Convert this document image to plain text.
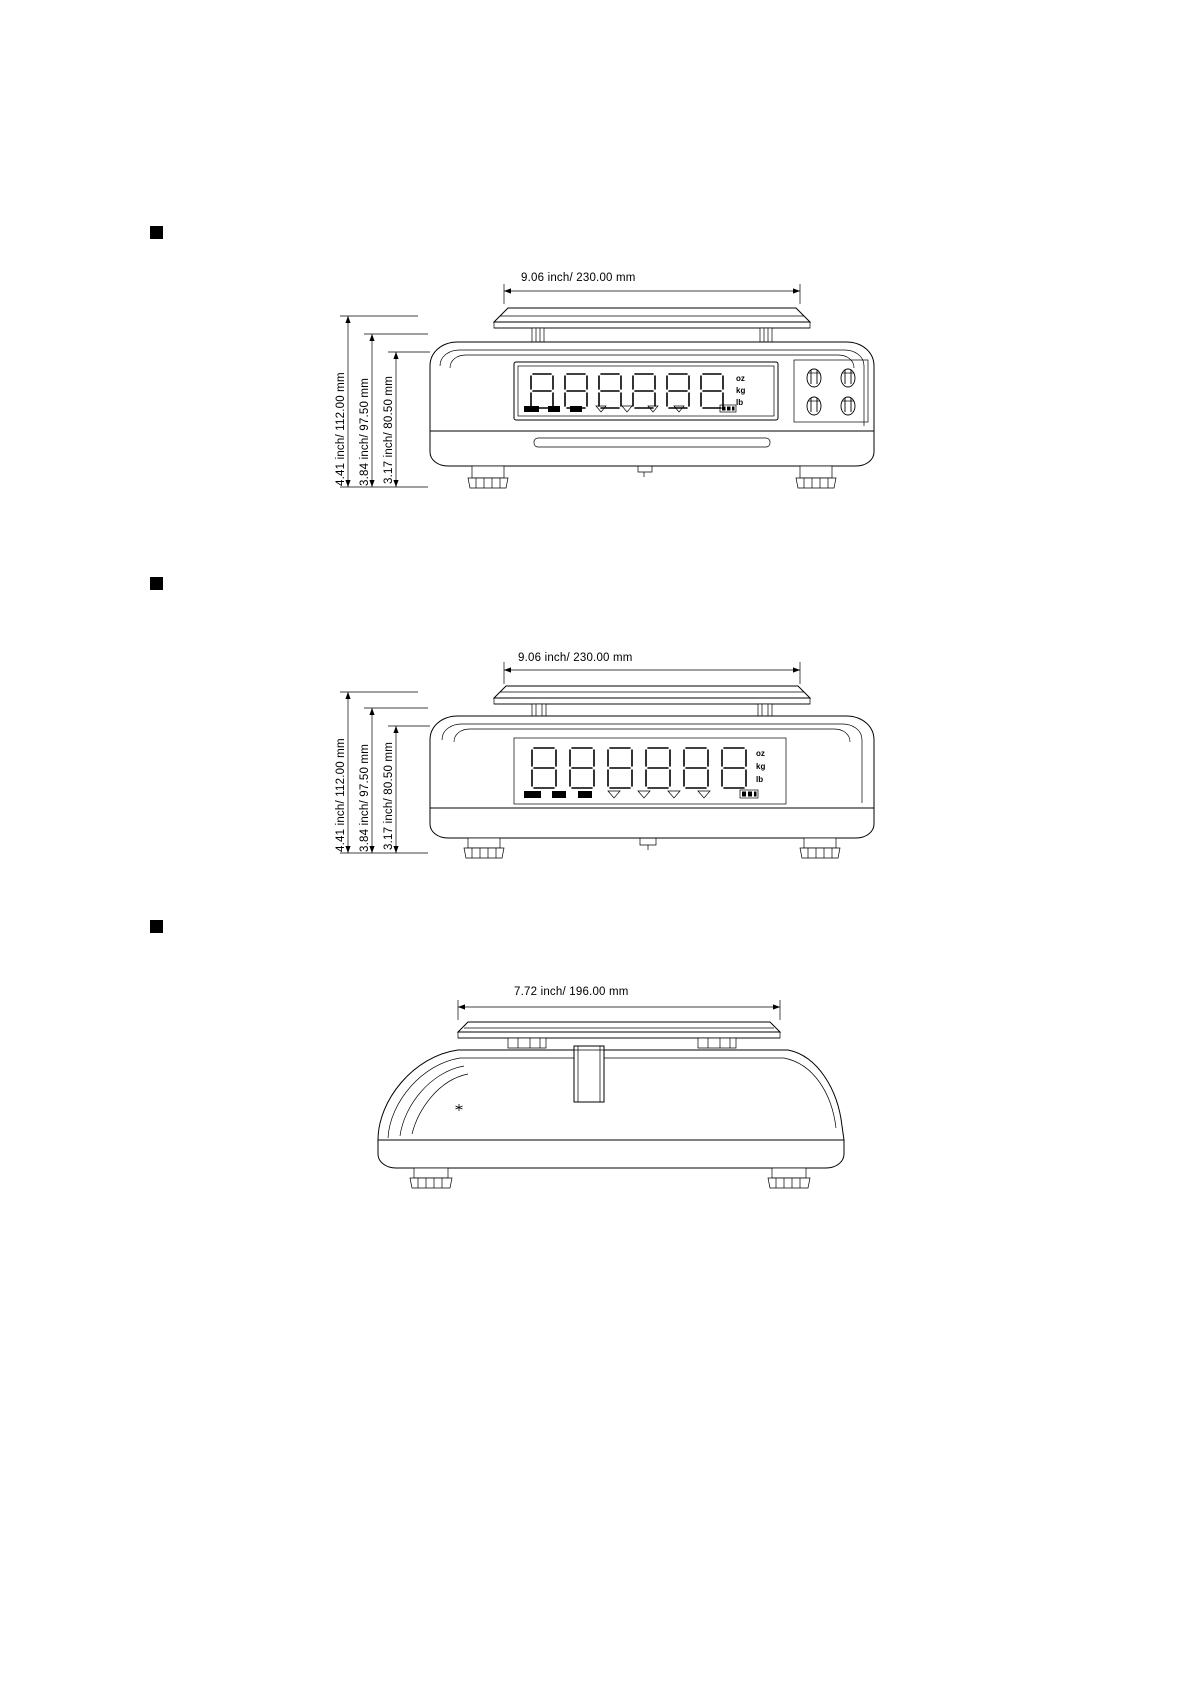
9.06 inch/ 230.00 mm
4.41 inch/ 112.00 mm 3.84 inch/ 97.50 mm 3.17 inch/ 80.50 mm	oz
kg
lb
9.06 inch/ 230.00 mm
4.41 inch/ 112.00 mm 3.84 inch/ 97.50 mm 3.17 inch/ 80.50 mm	oz
kg
lb
7.72 inch/ 196.00 mm
